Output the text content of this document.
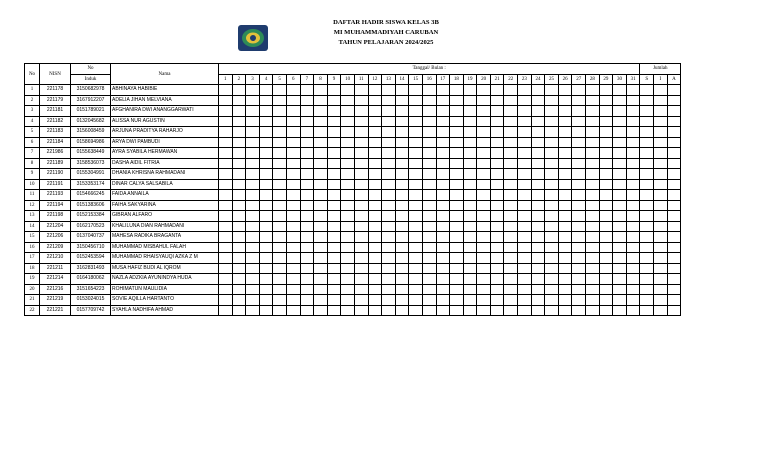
DAFTAR HADIR SISWA KELAS 3B
MI MUHAMMADIYAH CARUBAN
TAHUN PELAJARAN 2024/2025
No	NISN	No	Nama	Tanggal/ Bulan :																															Jumlah		
		Induk		1	2	3	4	5	6	7	8	9	10	11	12	13	14	15	16	17	18	19	20	21	22	23	24	25	26	27	28	29	30	31	S	I	A
1	221178	3150682978	ABHINAYA HABIBIE																																		
2	221179	3167912207	ADELIA JIHAN MELVIANA																																		
3	221181	0151789021	AFGHANIRA DWI ANANGGARWATI																																		
4	221182	0132045682	ALISSA NUR AGUSTIN																																		
5	221183	3156008459	ARJUNA PRADITYA RAHARJO																																		
6	221184	0158694986	ARYA DWI PAMBUDI																																		
7	221986	0155638449	AYRA SYABILA HERMAWAN																																		
8	221189	3158536073	DASHA AIDIL FITRIA																																		
9	221190	0155304991	DHANIA KHRISNA RAHMADANI																																		
10	221191	3153353174	DINAR CALYA SALSABILA																																		
11	221193	0154666245	FAIDA ANNAILA																																		
12	221194	0151383606	FAIHA SAKYARINA																																		
13	221198	0152153384	GIBRAN ALFARO																																		
14	221204	0162170523	KHALILUNA DIAN RAHMADANI																																		
15	221206	0137040737	MAHESA RADIKA BRAGANTA																																		
16	221209	3150456710	MUHAMMAD MISBAHUL FALAH																																		
17	221210	0152453594	MUHAMMAD RHAISYAUQI AZKA Z M																																		
18	221211	3162831493	MUSA HAFIZ BUDI AL IQROM																																		
19	221214	0164180062	NAZLA ADZKIA AYUNINDYA HUDA																																		
20	221216	3151654223	ROHIMATUN MAULIDIA																																		
21	221219	0153024015	SOVIE AQILLA HARTANTO																																		
22	221221	0157709742	SYAHLA NADHIFA AHMAD																																		
